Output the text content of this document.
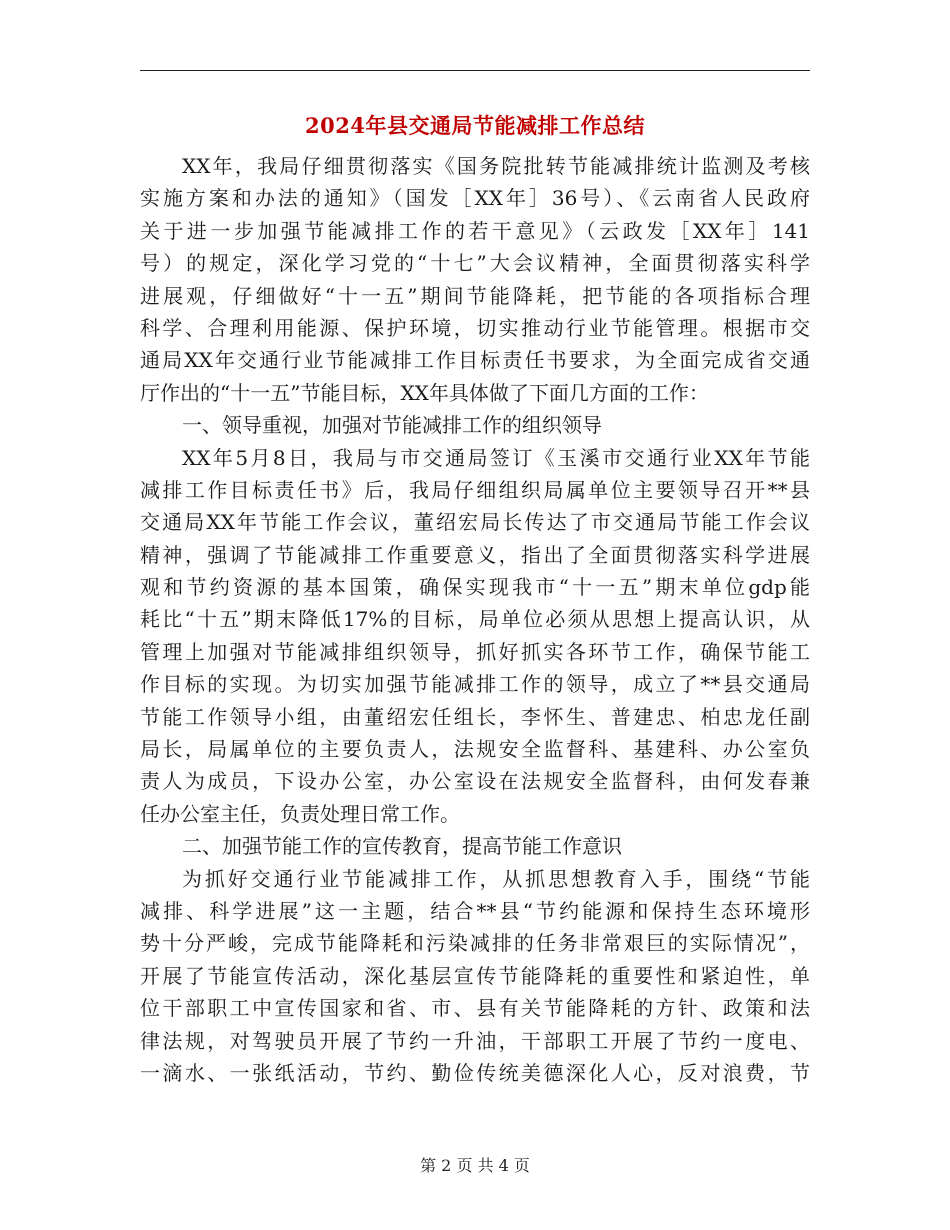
2024年县交通局节能减排工作总结
XX年，我局仔细贯彻落实《国务院批转节能减排统计监测及考核
实施方案和办法的通知》（国发［XX年］36号）、《云南省人民政府
关于进一步加强节能减排工作的若干意见》（云政发［XX年］141
号）的规定，深化学习党的“十七”大会议精神，全面贯彻落实科学
进展观，仔细做好“十一五”期间节能降耗，把节能的各项指标合理
科学、合理利用能源、保护环境，切实推动行业节能管理。根据市交
通局XX年交通行业节能减排工作目标责任书要求，为全面完成省交通
厅作出的“十一五”节能目标，XX年具体做了下面几方面的工作：
一、领导重视，加强对节能减排工作的组织领导
XX年5月8日，我局与市交通局签订《玉溪市交通行业XX年节能
减排工作目标责任书》后，我局仔细组织局属单位主要领导召开**县
交通局XX年节能工作会议，董绍宏局长传达了市交通局节能工作会议
精神，强调了节能减排工作重要意义，指出了全面贯彻落实科学进展
观和节约资源的基本国策，确保实现我市“十一五”期末单位gdp能
耗比“十五”期末降低17%的目标，局单位必须从思想上提高认识，从
管理上加强对节能减排组织领导，抓好抓实各环节工作，确保节能工
作目标的实现。为切实加强节能减排工作的领导，成立了**县交通局
节能工作领导小组，由董绍宏任组长，李怀生、普建忠、柏忠龙任副
局长，局属单位的主要负责人，法规安全监督科、基建科、办公室负
责人为成员，下设办公室，办公室设在法规安全监督科，由何发春兼
任办公室主任，负责处理日常工作。
二、加强节能工作的宣传教育，提高节能工作意识
为抓好交通行业节能减排工作，从抓思想教育入手，围绕“节能
减排、科学进展”这一主题，结合**县“节约能源和保持生态环境形
势十分严峻，完成节能降耗和污染减排的任务非常艰巨的实际情况”，
开展了节能宣传活动，深化基层宣传节能降耗的重要性和紧迫性，单
位干部职工中宣传国家和省、市、县有关节能降耗的方针、政策和法
律法规，对驾驶员开展了节约一升油，干部职工开展了节约一度电、
一滴水、一张纸活动，节约、勤俭传统美德深化人心，反对浪费，节
第 2 页 共 4 页
